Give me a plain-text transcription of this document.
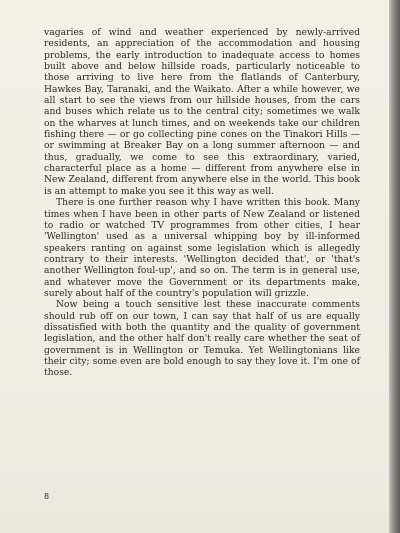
vagaries of wind and weather experienced by newly-arrived residents, an appreciation of the accommodation and housing problems, the early introduction to inadequate access to homes built above and below hillside roads, particularly noticeable to those arriving to live here from the flatlands of Canterbury, Hawkes Bay, Taranaki, and the Waikato. After a while however, we all start to see the views from our hillside houses, from the cars and buses which relate us to the central city; sometimes we walk on the wharves at lunch times, and on weekends take our children fishing there — or go collecting pine cones on the Tinakori Hills — or swimming at Breaker Bay on a long summer afternoon — and thus, gradually, we come to see this extraordinary, varied, characterful place as a home — different from anywhere else in New Zealand, different from anywhere else in the world. This book is an attempt to make you see it this way as well.

There is one further reason why I have written this book. Many times when I have been in other parts of New Zealand or listened to radio or watched TV programmes from other cities, I hear 'Wellington' used as a universal whipping boy by ill-informed speakers ranting on against some legislation which is allegedly contrary to their interests. 'Wellington decided that', or 'that's another Wellington foul-up', and so on. The term is in general use, and whatever move the Government or its departments make, surely about half of the country's population will grizzle.

Now being a touch sensitive lest these inaccurate comments should rub off on our town, I can say that half of us are equally dissatisfied with both the quantity and the quality of government legislation, and the other half don't really care whether the seat of government is in Wellington or Temuka. Yet Wellingtonians like their city; some even are bold enough to say they love it. I'm one of those.

8
